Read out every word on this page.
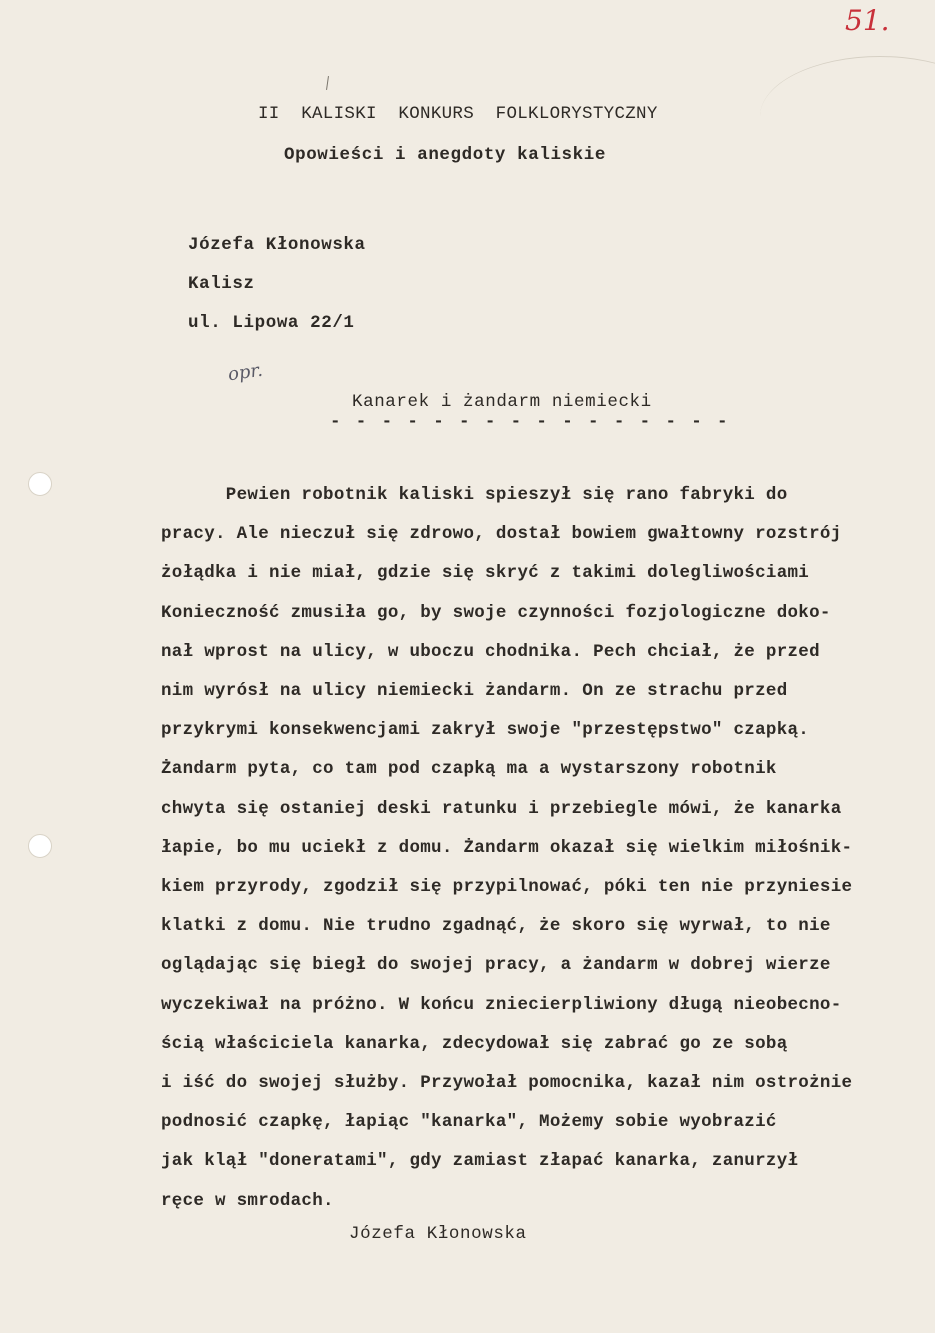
51.
II  KALISKI  KONKURS  FOLKLORYSTYCZNY
Opowieści i anegdoty kaliskie
Józefa Kłonowska
Kalisz
ul. Lipowa 22/1
opr.
Kanarek i żandarm niemiecki
- - - - - - - - - - - - - - - -
Pewien robotnik kaliski spieszył się rano fabryki do
pracy. Ale nieczuł się zdrowo, dostał bowiem gwałtowny rozstrój
żołądka i nie miał, gdzie się skryć z takimi dolegliwościami
Konieczność zmusiła go, by swoje czynności fozjologiczne doko-
nał wprost na ulicy, w uboczu chodnika. Pech chciał, że przed
nim wyrósł na ulicy niemiecki żandarm. On ze strachu przed
przykrymi konsekwencjami zakrył swoje "przestępstwo" czapką.
Żandarm pyta, co tam pod czapką ma a wystarszony robotnik
chwyta się ostaniej deski ratunku i przebiegle mówi, że kanarka
łapie, bo mu uciekł z domu. Żandarm okazał się wielkim miłośnik-
kiem przyrody, zgodził się przypilnować, póki ten nie przyniesie
klatki z domu. Nie trudno zgadnąć, że skoro się wyrwał, to nie
oglądając się biegł do swojej pracy, a żandarm w dobrej wierze
wyczekiwał na próżno. W końcu zniecierpliwiony długą nieobecno-
ścią właściciela kanarka, zdecydował się zabrać go ze sobą
i iść do swojej służby. Przywołał pomocnika, kazał nim ostrożnie
podnosić czapkę, łapiąc "kanarka", Możemy sobie wyobrazić
jak klął "doneratami", gdy zamiast złapać kanarka, zanurzył
ręce w smrodach.
Józefa Kłonowska
